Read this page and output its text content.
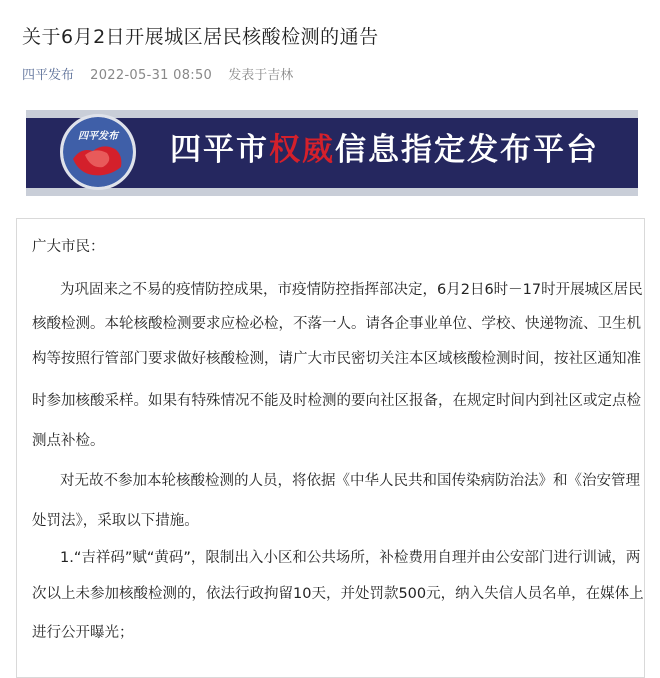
关于6月2日开展城区居民核酸检测的通告
四平发布 2022-05-31 08:50 发表于吉林
四平发布 四平市权威信息指定发布平台
广大市民：
为巩固来之不易的疫情防控成果，市疫情防控指挥部决定，6月2日6时－17时开展城区居民
核酸检测。本轮核酸检测要求应检必检，不落一人。请各企事业单位、学校、快递物流、卫生机
构等按照行管部门要求做好核酸检测，请广大市民密切关注本区域核酸检测时间，按社区通知准
时参加核酸采样。如果有特殊情况不能及时检测的要向社区报备，在规定时间内到社区或定点检
测点补检。
对无故不参加本轮核酸检测的人员，将依据《中华人民共和国传染病防治法》和《治安管理
处罚法》，采取以下措施。
1.“吉祥码”赋“黄码”，限制出入小区和公共场所，补检费用自理并由公安部门进行训诫，两
次以上未参加核酸检测的，依法行政拘留10天，并处罚款500元，纳入失信人员名单，在媒体上
进行公开曝光；
